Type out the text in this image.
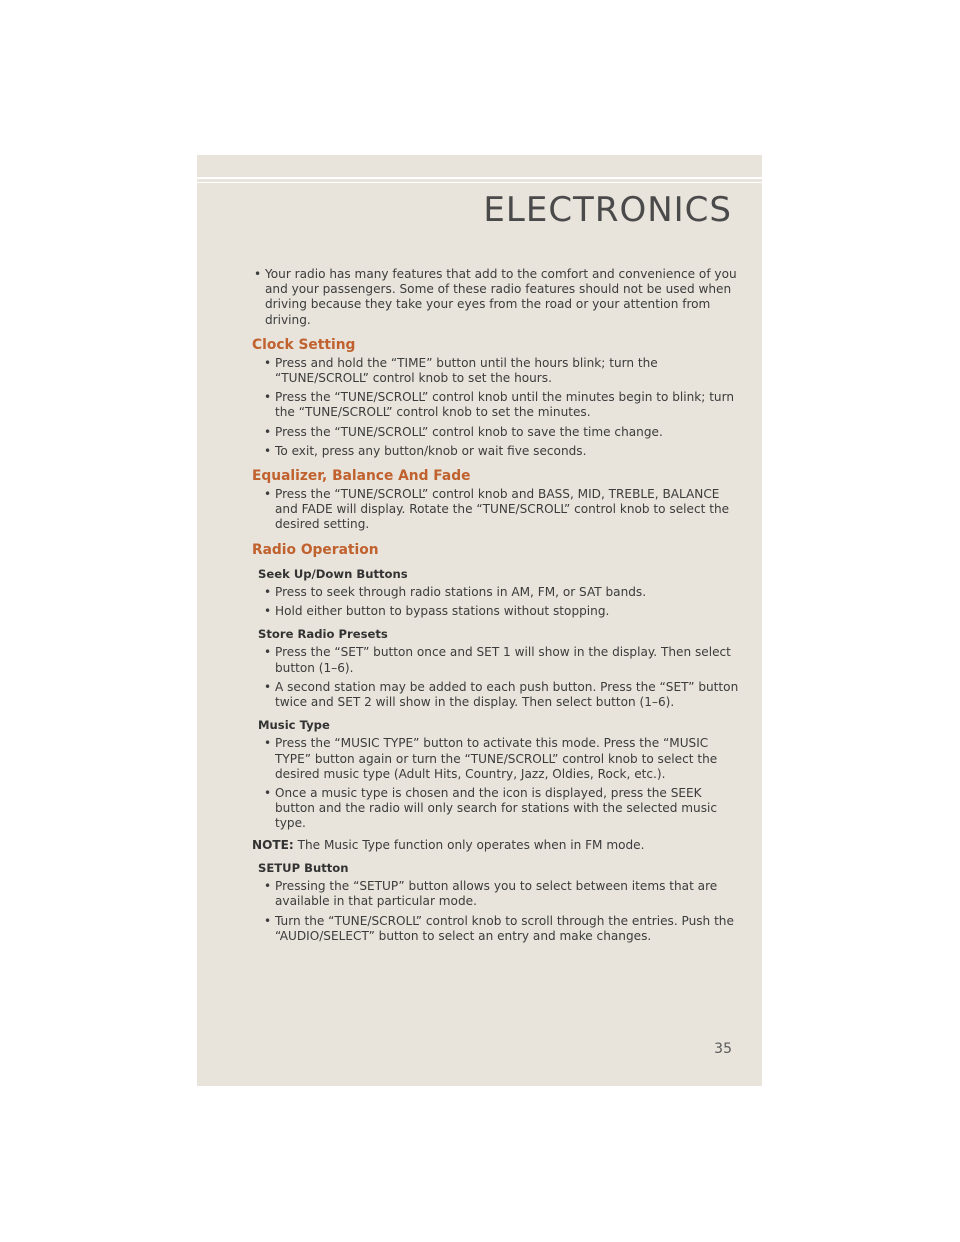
ELECTRONICS

• Your radio has many features that add to the comfort and convenience of you and your passengers. Some of these radio features should not be used when driving because they take your eyes from the road or your attention from driving.

Clock Setting

• Press and hold the “TIME” button until the hours blink; turn the “TUNE/SCROLL” control knob to set the hours.

• Press the “TUNE/SCROLL” control knob until the minutes begin to blink; turn the “TUNE/SCROLL” control knob to set the minutes.

• Press the “TUNE/SCROLL” control knob to save the time change.

• To exit, press any button/knob or wait five seconds.

Equalizer, Balance And Fade

• Press the “TUNE/SCROLL” control knob and BASS, MID, TREBLE, BALANCE and FADE will display. Rotate the “TUNE/SCROLL” control knob to select the desired setting.

Radio Operation
Seek Up/Down Buttons

• Press to seek through radio stations in AM, FM, or SAT bands.

• Hold either button to bypass stations without stopping.

Store Radio Presets

• Press the “SET” button once and SET 1 will show in the display. Then select button (1–6).

• A second station may be added to each push button. Press the “SET” button twice and SET 2 will show in the display. Then select button (1–6).

Music Type

• Press the “MUSIC TYPE” button to activate this mode. Press the “MUSIC TYPE” button again or turn the “TUNE/SCROLL” control knob to select the desired music type (Adult Hits, Country, Jazz, Oldies, Rock, etc.).

• Once a music type is chosen and the icon is displayed, press the SEEK button and the radio will only search for stations with the selected music type.

NOTE: The Music Type function only operates when in FM mode.

SETUP Button

• Pressing the “SETUP” button allows you to select between items that are available in that particular mode.

• Turn the “TUNE/SCROLL” control knob to scroll through the entries. Push the “AUDIO/SELECT” button to select an entry and make changes.

35
